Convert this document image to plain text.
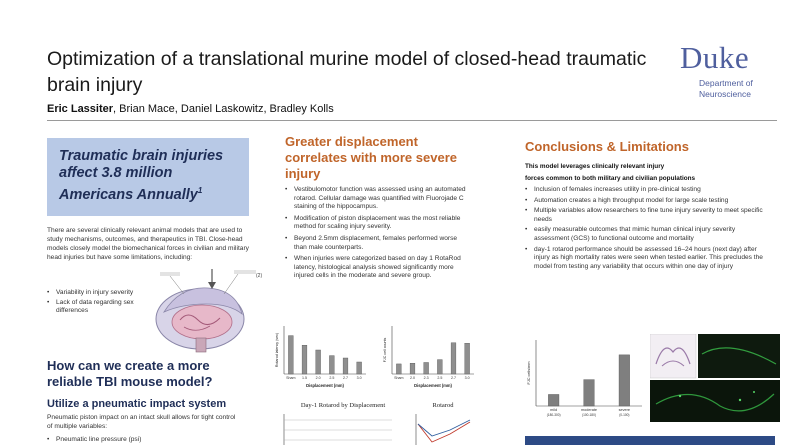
Optimization of a translational murine model of closed-head traumatic brain injury
Eric Lassiter, Brian Mace, Daniel Laskowitz, Bradley Kolls
Duke
Department of
Neuroscience
Traumatic brain injuries affect 3.8 million Americans Annually$^1$
There are several clinically relevant animal models that are used to study mechanisms, outcomes, and therapeutics in TBI. Close-head models closely model the biomechanical forces in civilian and military head injuries but have some limitations, including:
• Variability in injury severity
• Lack of data regarding sex differences
(2)
How can we create a more reliable TBI mouse model?
Utilize a pneumatic impact system
Pneumatic piston impact on an intact skull allows for tight control of multiple variables:
• Pneumatic line pressure (psi)
Greater displacement correlates with more severe injury
• Vestibulomotor function was assessed using an automated rotarod. Cellular damage was quantified with Fluorojade C staining of the hippocampus.
• Modification of piston displacement was the most reliable method for scaling injury severity.
• Beyond 2.5mm displacement, females performed worse than male counterparts.
• When injuries were categorized based on day 1 RotaRod latency, histological analysis showed significantly more injured cells in the moderate and severe group.
Sham 1.5 2.0 2.5 2.7 3.0
Displacement (mm)
Rotarod latency (sec)
Sham 2.0 2.3 2.5 2.7 3.0
Displacement (mm)
FJC cell counts
Day-1 Rotarod by Displacement	Rotarod
Conclusions & Limitations
This model leverages clinically relevant injury
forces common to both military and civilian populations
• Inclusion of females increases utility in pre-clinical testing
• Automation creates a high throughput model for large scale testing
• Multiple variables allow researchers to fine tune injury severity to meet specific needs
• easily measurable outcomes that mimic human clinical injury severity assessment (GCS) to functional outcome and mortality
• day-1 rotarod performance should be assessed 16–24 hours (next day) after injury as high mortality rates were seen when tested earlier. This precludes the model from testing any variability that occurs within one day of injury
mild
(180-300)
moderate
(100-180)
severe
(0-100)
FJC cells/mm
